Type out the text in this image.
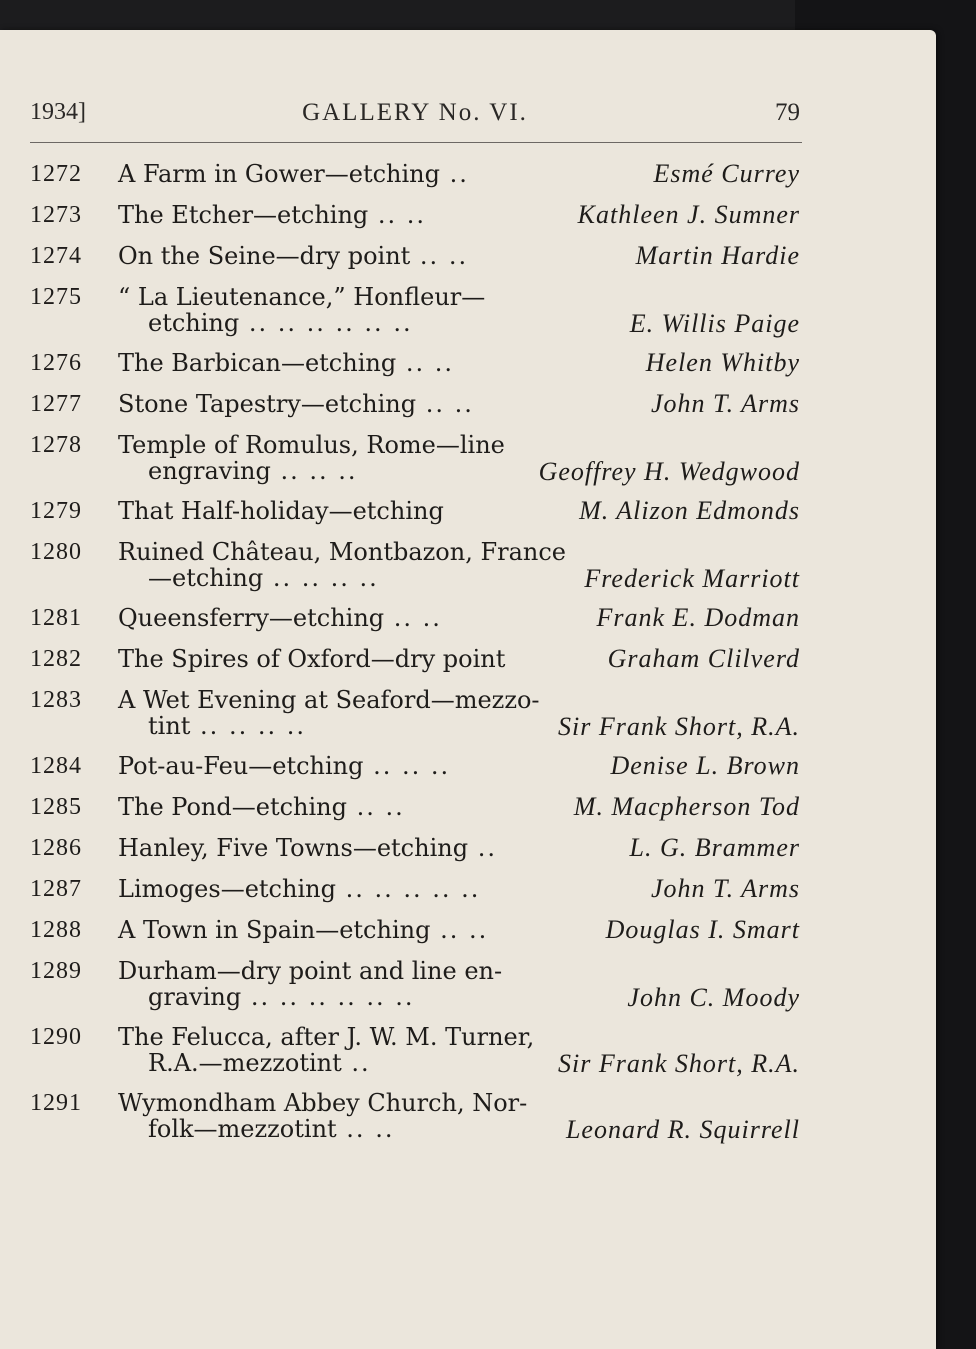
1934]	GALLERY No. VI.	79
1272 A Farm in Gower—etching ..	Esmé Currey
1273 The Etcher—etching .. ..	Kathleen J. Sumner
1274 On the Seine—dry point .. ..	Martin Hardie
1275 “ La Lieutenance,” Honfleur—
etching .. .. .. .. .. ..	E. Willis Paige
1276 The Barbican—etching .. ..	Helen Whitby
1277 Stone Tapestry—etching .. ..	John T. Arms
1278 Temple of Romulus, Rome—line
engraving .. .. ..	Geoffrey H. Wedgwood
1279 That Half-holiday—etching	M. Alizon Edmonds
1280 Ruined Château, Montbazon, France
—etching .. .. .. ..	Frederick Marriott
1281 Queensferry—etching .. ..	Frank E. Dodman
1282 The Spires of Oxford—dry point	Graham Clilverd
1283 A Wet Evening at Seaford—mezzo-
tint .. .. .. ..	Sir Frank Short, R.A.
1284 Pot-au-Feu—etching .. .. ..	Denise L. Brown
1285 The Pond—etching .. ..	M. Macpherson Tod
1286 Hanley, Five Towns—etching ..	L. G. Brammer
1287 Limoges—etching .. .. .. .. ..	John T. Arms
1288 A Town in Spain—etching .. ..	Douglas I. Smart
1289 Durham—dry point and line en-
graving .. .. .. .. .. ..	John C. Moody
1290 The Felucca, after J. W. M. Turner,
R.A.—mezzotint ..	Sir Frank Short, R.A.
1291 Wymondham Abbey Church, Nor-
folk—mezzotint .. ..	Leonard R. Squirrell
